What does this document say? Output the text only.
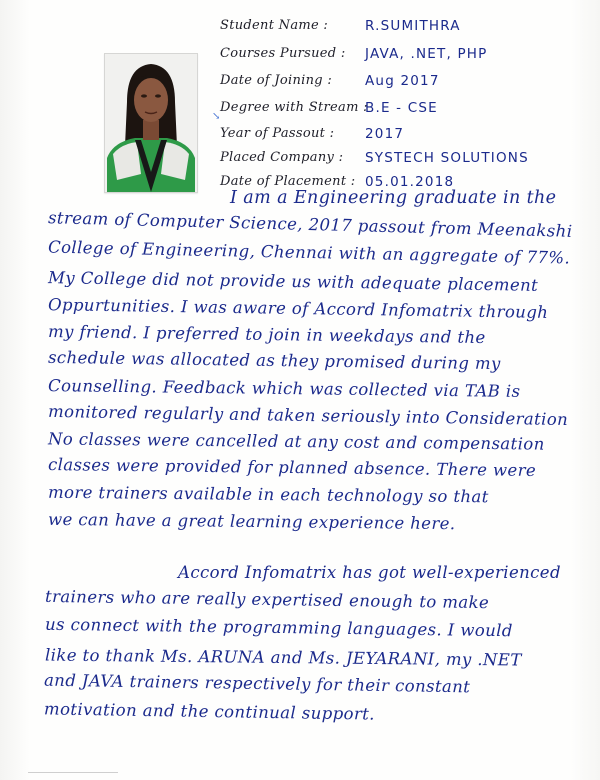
↘
Student Name :	R.SUMITHRA
Courses Pursued :	JAVA, .NET, PHP
Date of Joining :	Aug 2017
Degree with Stream :
B.E - CSE
Year of Passout :	2017
Placed Company :	SYSTECH SOLUTIONS
Date of Placement : 05.01.2018
I am a Engineering graduate in the
stream of Computer Science, 2017 passout from Meenakshi
College of Engineering, Chennai with an aggregate of 77%.
My College did not provide us with adequate placement
Oppurtunities. I was aware of Accord Infomatrix through
my friend. I preferred to join in weekdays and the
schedule was allocated as they promised during my
Counselling. Feedback which was collected via TAB is
monitored regularly and taken seriously into Consideration
No classes were cancelled at any cost and compensation
classes were provided for planned absence. There were
more trainers available in each technology so that
we can have a great learning experience here.
Accord Infomatrix has got well-experienced
trainers who are really expertised enough to make
us connect with the programming languages. I would
like to thank Ms. ARUNA and Ms. JEYARANI, my .NET
and JAVA trainers respectively for their constant
motivation and the continual support.
